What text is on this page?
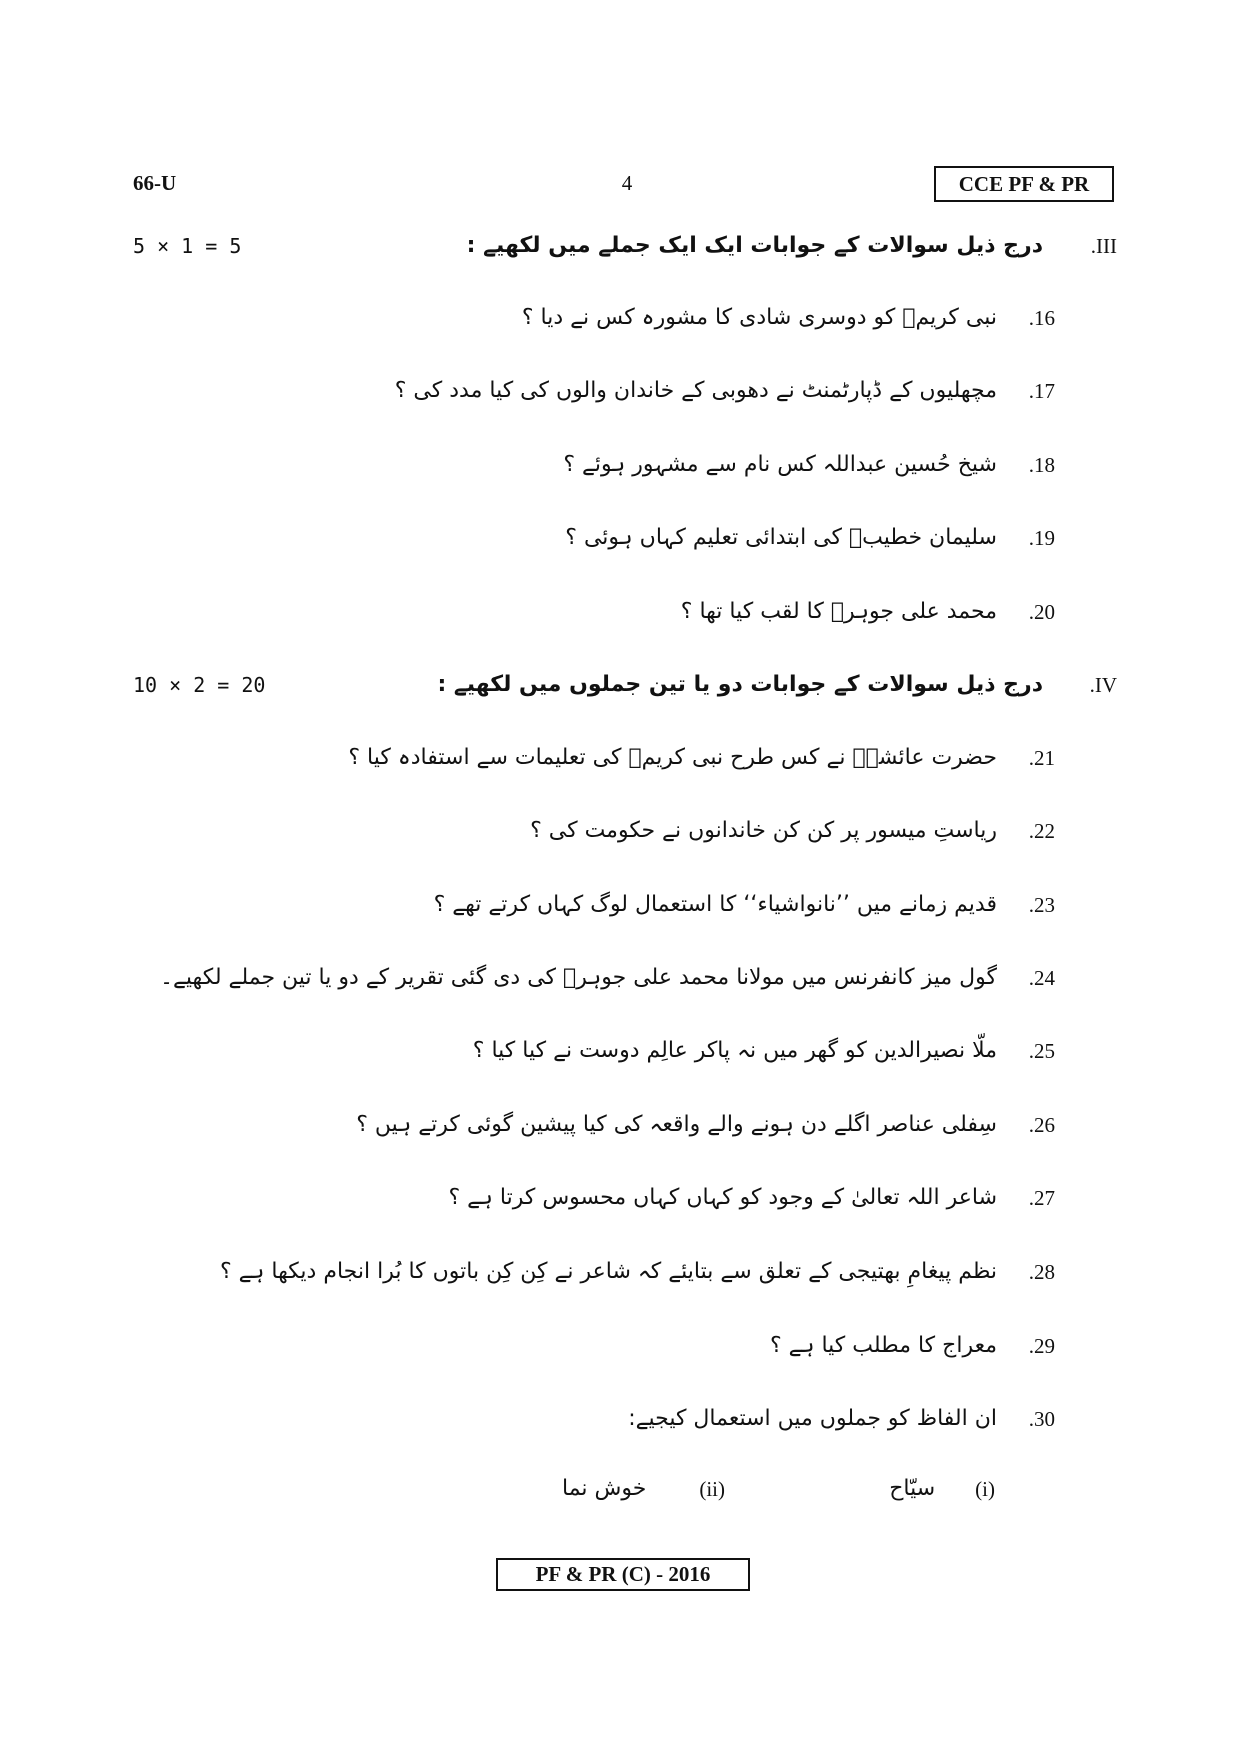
66-U	4	CCE PF & PR
5 × 1 = 5	III.
درج ذیل سوالات کے جوابات ایک ایک جملے میں لکھیے :
16.
نبی کریمؐ کو دوسری شادی کا مشورہ کس نے دیا ؟
17.
مچھلیوں کے ڈپارٹمنٹ نے دھوبی کے خاندان والوں کی کیا مدد کی ؟
18.
شیخ حُسین عبداللہ کس نام سے مشہور ہوئے ؟
19.
سلیمان خطیبؔ کی ابتدائی تعلیم کہاں ہوئی ؟
20.
محمد علی جوہرؔ کا لقب کیا تھا ؟
10 × 2 = 20	IV.
درج ذیل سوالات کے جوابات دو یا تین جملوں میں لکھیے :
21.
حضرت عائشہؓ نے کس طرح نبی کریمؐ کی تعلیمات سے استفادہ کیا ؟
22.
ریاستِ میسور پر کن کن خاندانوں نے حکومت کی ؟
23.
قدیم زمانے میں ’’نانواشیاء‘‘ کا استعمال لوگ کہاں کرتے تھے ؟
24.
گول میز کانفرنس میں مولانا محمد علی جوہرؔ کی دی گئی تقریر کے دو یا تین جملے لکھیے۔
25.
ملّا نصیرالدین کو گھر میں نہ پاکر عالِم دوست نے کیا کیا ؟
26.
سِفلی عناصر اگلے دن ہونے والے واقعہ کی کیا پیشین گوئی کرتے ہیں ؟
27.
شاعر اللہ تعالیٰ کے وجود کو کہاں کہاں محسوس کرتا ہے ؟
28.
نظم پیغامِ بھتیجی کے تعلق سے بتایئے کہ شاعر نے کِن کِن باتوں کا بُرا انجام دیکھا ہے ؟
29.
معراج کا مطلب کیا ہے ؟
30.
ان الفاظ کو جملوں میں استعمال کیجیے:
(i)
سیّاح
(ii)
خوش نما
PF & PR (C) - 2016
